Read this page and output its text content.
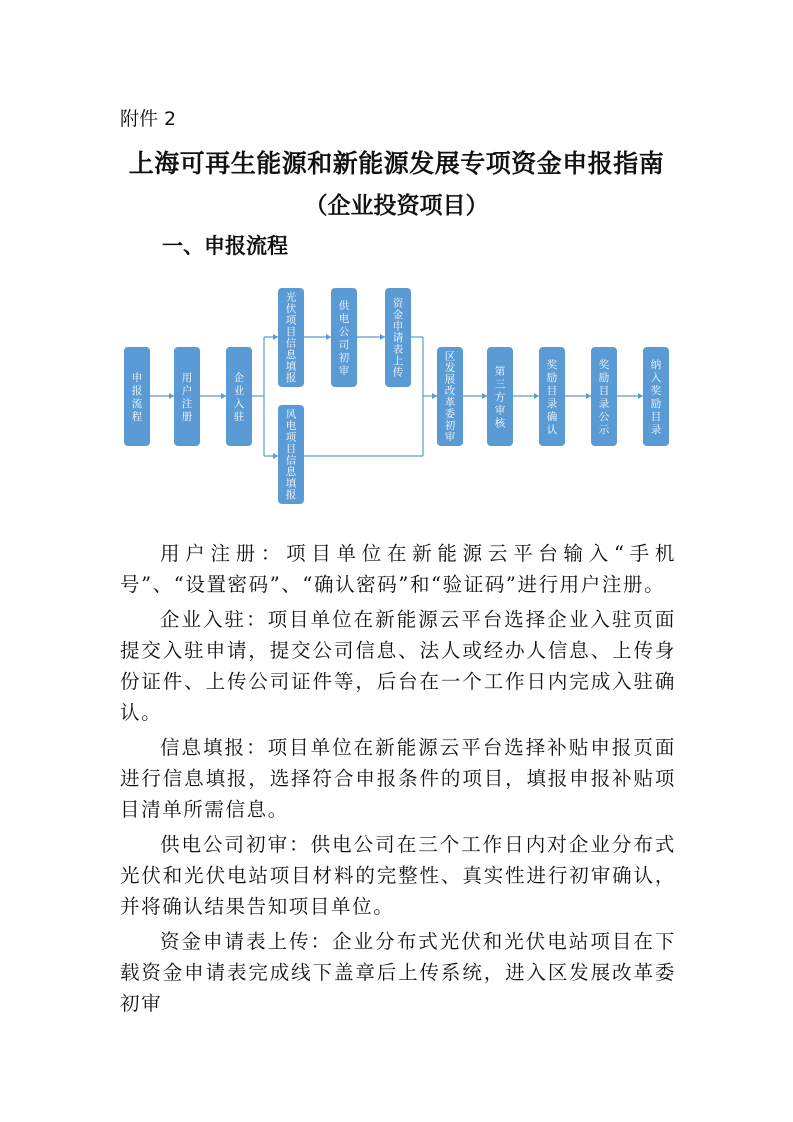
附件 2
上海可再生能源和新能源发展专项资金申报指南
（企业投资项目）
一、申报流程
申报流程
用户注册
企业入驻
光伏项目信息填报
供电公司初审
资金申请表上传
风电项目信息填报
区发展改革委初审
第三方审核
奖励目录确认
奖励目录公示
纳入奖励目录

用户注册：项目单位在新能源云平台输入“手机号”、“设置密码”、“确认密码”和“验证码”进行用户注册。

企业入驻：项目单位在新能源云平台选择企业入驻页面提交入驻申请，提交公司信息、法人或经办人信息、上传身份证件、上传公司证件等，后台在一个工作日内完成入驻确认。

信息填报：项目单位在新能源云平台选择补贴申报页面进行信息填报，选择符合申报条件的项目，填报申报补贴项目清单所需信息。

供电公司初审：供电公司在三个工作日内对企业分布式光伏和光伏电站项目材料的完整性、真实性进行初审确认，并将确认结果告知项目单位。

资金申请表上传：企业分布式光伏和光伏电站项目在下载资金申请表完成线下盖章后上传系统，进入区发展改革委初审
